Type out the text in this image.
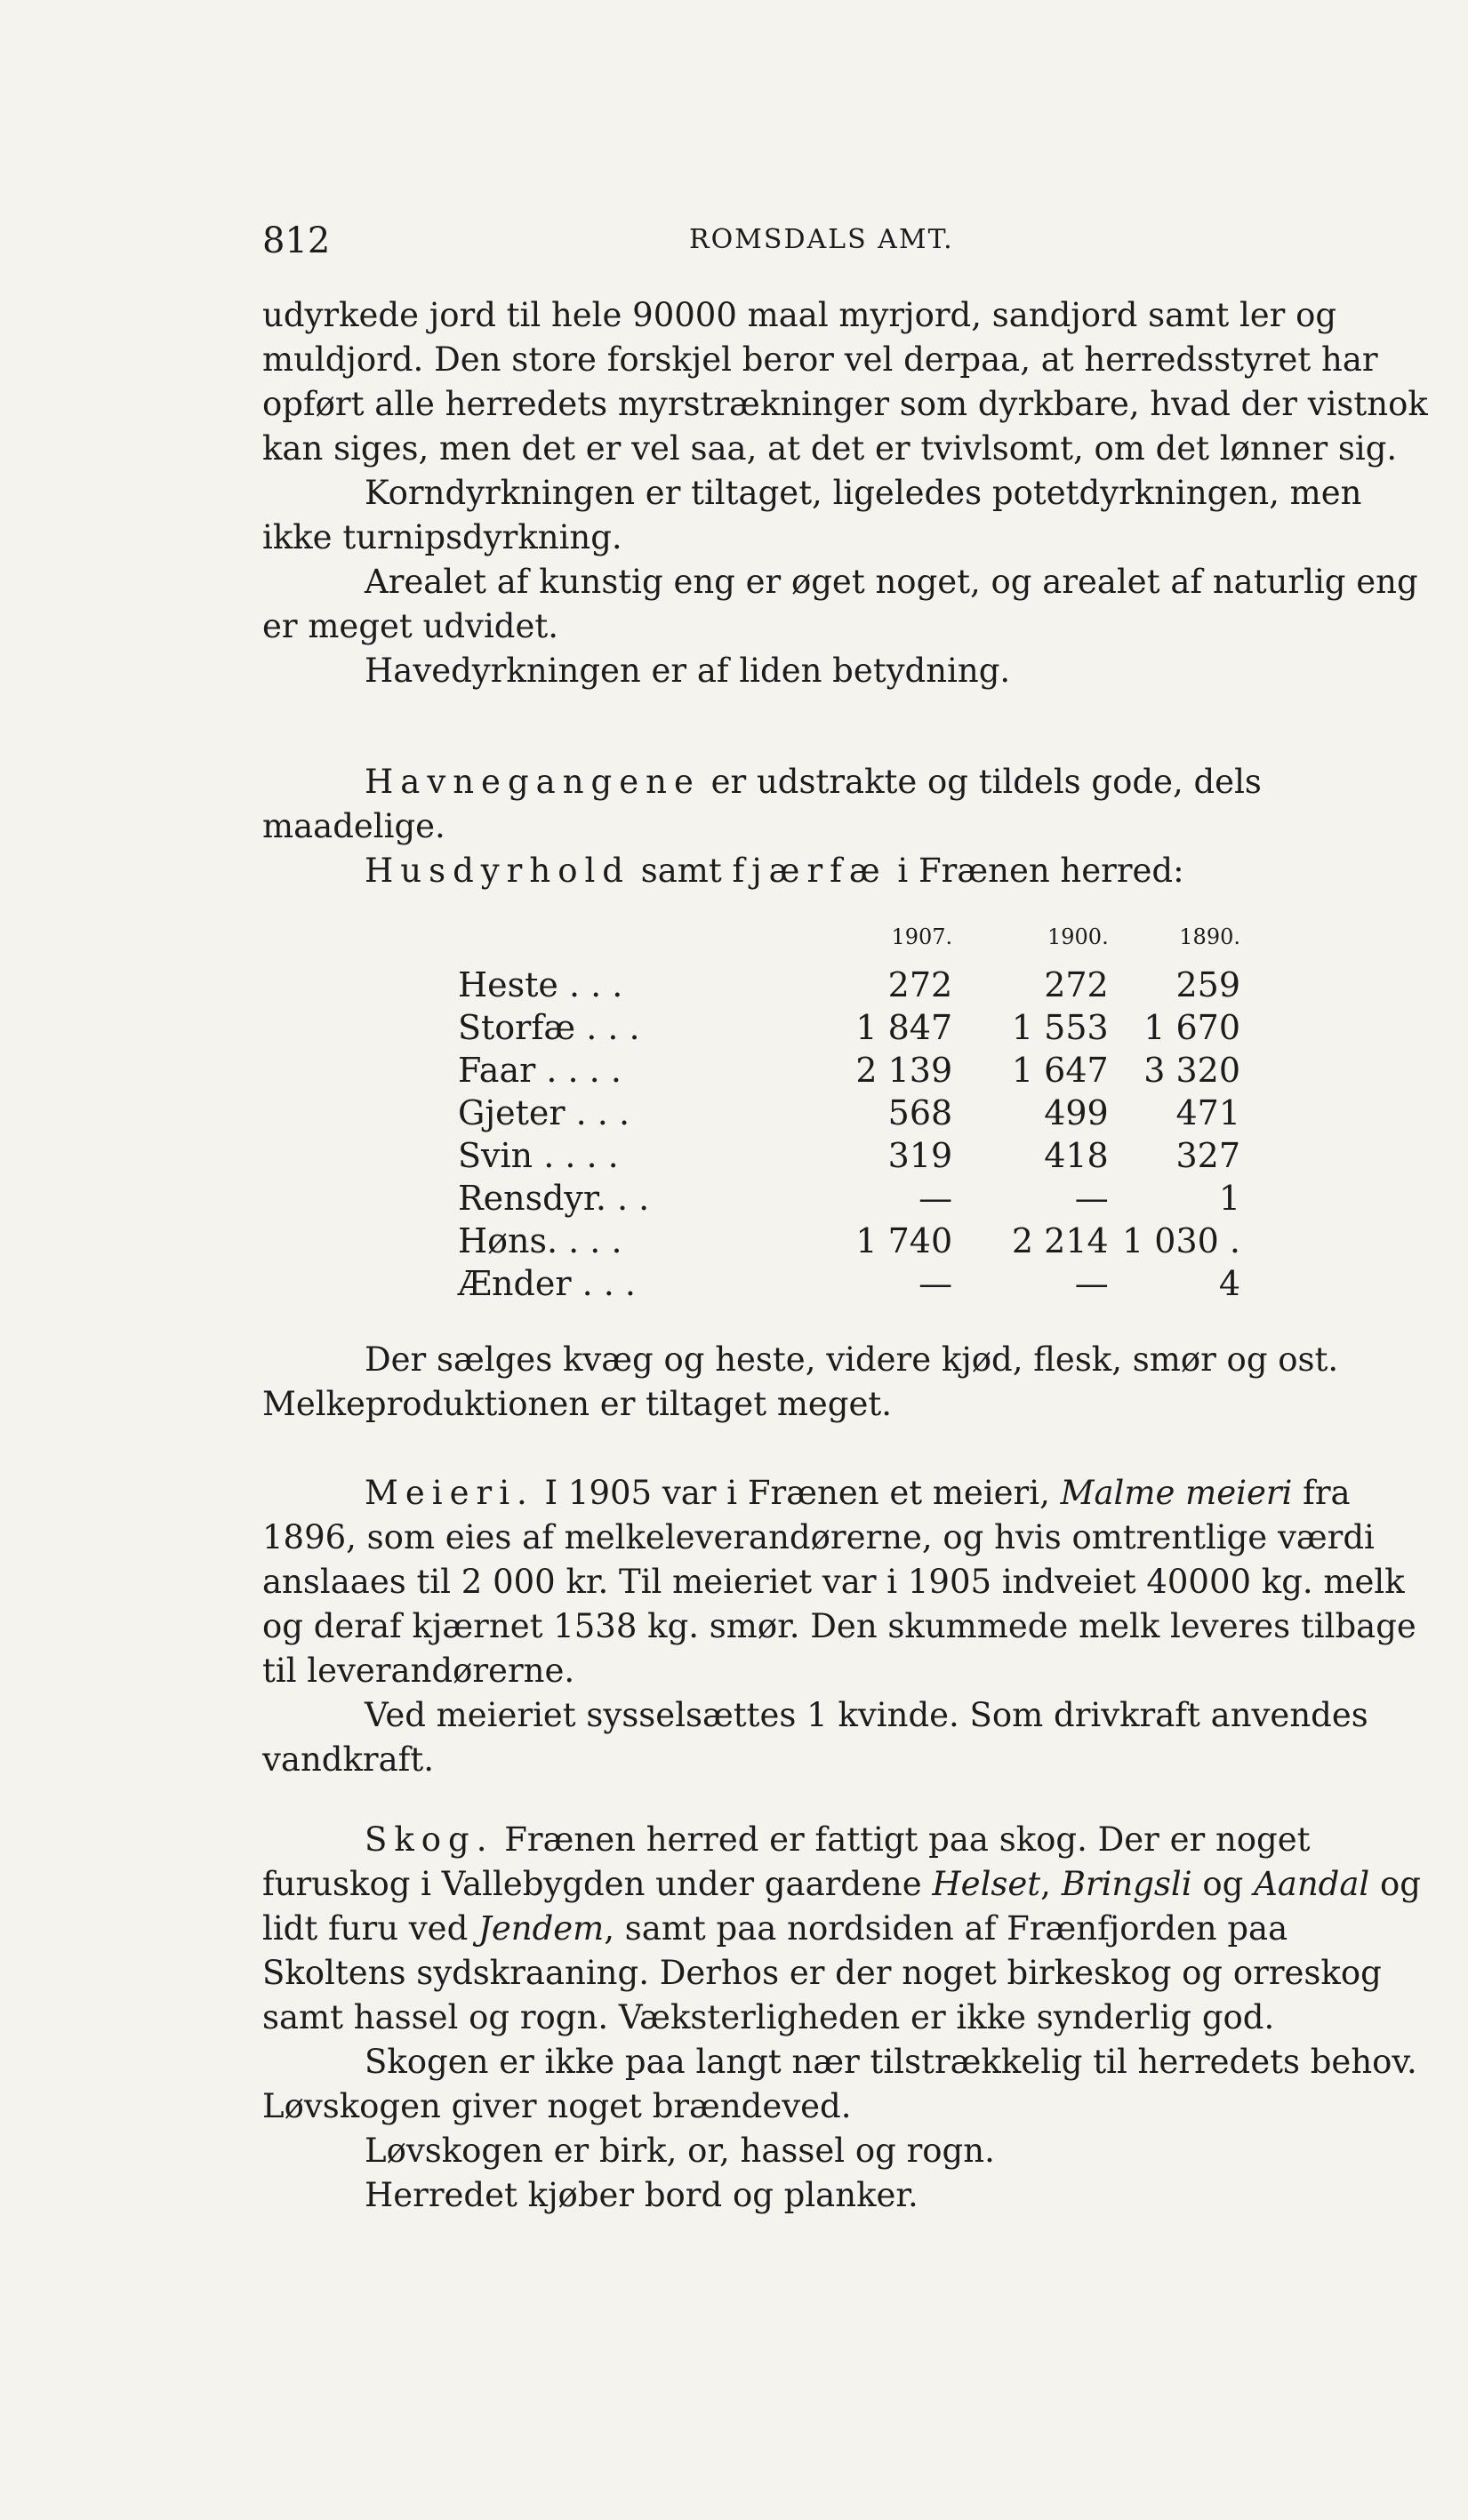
812	ROMSDALS AMT.

udyrkede jord til hele 90000 maal myrjord, sandjord samt ler og muldjord. Den store forskjel beror vel derpaa, at herredsstyret har opført alle herredets myrstrækninger som dyrkbare, hvad der vistnok kan siges, men det er vel saa, at det er tvivlsomt, om det lønner sig.

Korndyrkningen er tiltaget, ligeledes potetdyrkningen, men ikke turnipsdyrkning.

Arealet af kunstig eng er øget noget, og arealet af naturlig eng er meget udvidet.

Havedyrkningen er af liden betydning.

Havnegangene er udstrakte og tildels gode, dels maadelige.

Husdyrhold samt fjærfæ i Frænen herred:

	1907.	1900.	1890.
Heste . . .	272	272	259
Storfæ . . .	1 847	1 553	1 670
Faar . . . .	2 139	1 647	3 320
Gjeter . . .	568	499	471
Svin . . . .	319	418	327
Rensdyr. . .	—	—	1
Høns. . . .	1 740	2 214	1 030 .
Ænder . . .	—	—	4

Der sælges kvæg og heste, videre kjød, flesk, smør og ost. Melkeproduktionen er tiltaget meget.

Meieri. I 1905 var i Frænen et meieri, Malme meieri fra 1896, som eies af melkeleverandørerne, og hvis omtrentlige værdi anslaaes til 2 000 kr. Til meieriet var i 1905 indveiet 40000 kg. melk og deraf kjærnet 1538 kg. smør. Den skummede melk leveres tilbage til leverandørerne.

Ved meieriet sysselsættes 1 kvinde. Som drivkraft anvendes vandkraft.

Skog. Frænen herred er fattigt paa skog. Der er noget furuskog i Vallebygden under gaardene Helset, Bringsli og Aandal og lidt furu ved Jendem, samt paa nordsiden af Frænfjorden paa Skoltens sydskraaning. Derhos er der noget birkeskog og orreskog samt hassel og rogn. Væksterligheden er ikke synderlig god.

Skogen er ikke paa langt nær tilstrækkelig til herredets behov. Løvskogen giver noget brændeved.

Løvskogen er birk, or, hassel og rogn.

Herredet kjøber bord og planker.
